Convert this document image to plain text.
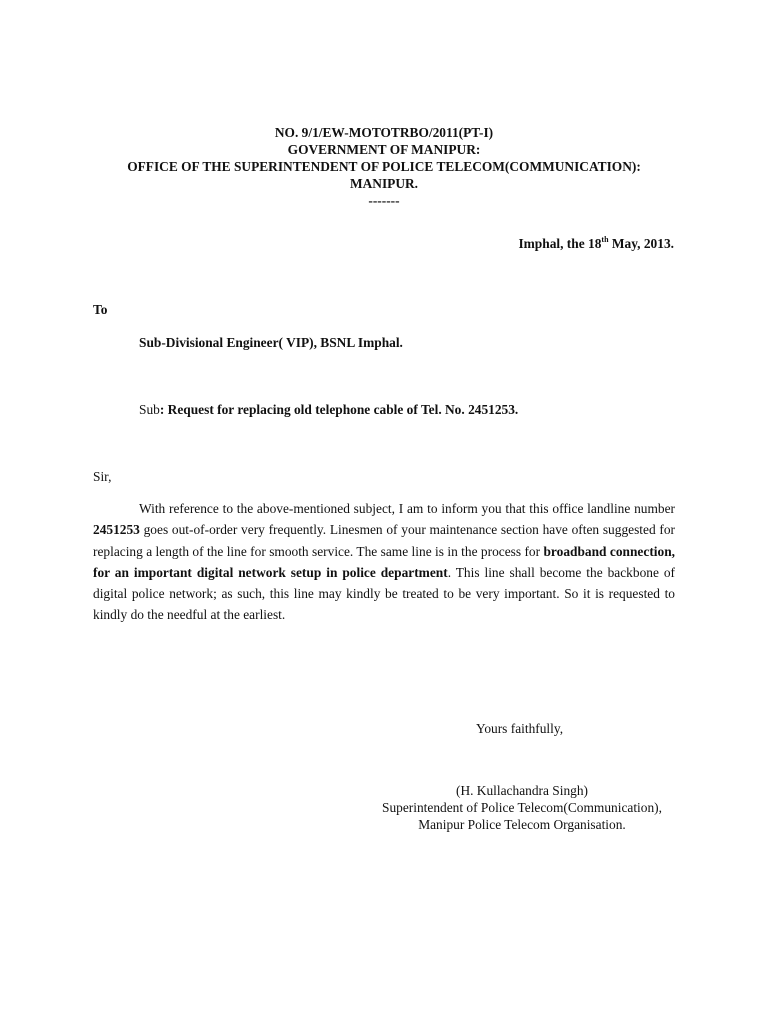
NO. 9/1/EW-MOTOTRBO/2011(PT-I)
GOVERNMENT OF MANIPUR:
OFFICE OF THE SUPERINTENDENT OF POLICE TELECOM(COMMUNICATION):
MANIPUR.
-------
Imphal, the 18th May, 2013.
To
Sub-Divisional Engineer( VIP), BSNL Imphal.
Sub: Request for replacing old telephone cable of Tel. No. 2451253.
Sir,

With reference to the above-mentioned subject, I am to inform you that this office landline number 2451253 goes out-of-order very frequently. Linesmen of your maintenance section have often suggested for replacing a length of the line for smooth service. The same line is in the process for broadband connection, for an important digital network setup in police department. This line shall become the backbone of digital police network; as such, this line may kindly be treated to be very important. So it is requested to kindly do the needful at the earliest.

Yours faithfully,
(H. Kullachandra Singh)
Superintendent of Police Telecom(Communication),
Manipur Police Telecom Organisation.
